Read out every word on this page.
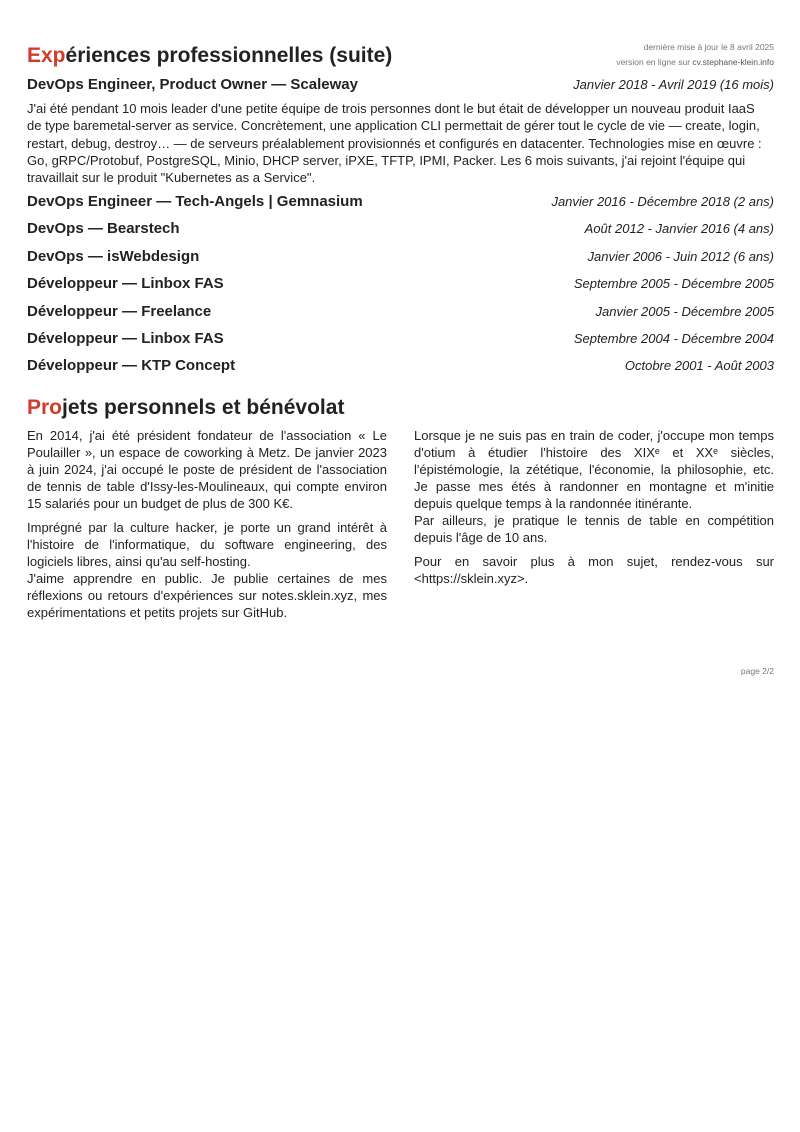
dernière mise à jour le 8 avril 2025
version en ligne sur cv.stephane-klein.info
Expériences professionnelles (suite)
DevOps Engineer, Product Owner — Scaleway	Janvier 2018 - Avril 2019 (16 mois)

J'ai été pendant 10 mois leader d'une petite équipe de trois personnes dont le but était de développer un nouveau produit IaaS de type baremetal-server as service. Concrètement, une application CLI permettait de gérer tout le cycle de vie — create, login, restart, debug, destroy… — de serveurs préalablement provisionnés et configurés en datacenter. Technologies mise en œuvre : Go, gRPC/Protobuf, PostgreSQL, Minio, DHCP server, iPXE, TFTP, IPMI, Packer. Les 6 mois suivants, j'ai rejoint l'équipe qui travaillait sur le produit "Kubernetes as a Service".

DevOps Engineer — Tech-Angels | Gemnasium	Janvier 2016 - Décembre 2018 (2 ans)
DevOps — Bearstech	Août 2012 - Janvier 2016 (4 ans)
DevOps — isWebdesign	Janvier 2006 - Juin 2012 (6 ans)
Développeur — Linbox FAS	Septembre 2005 - Décembre 2005
Développeur — Freelance	Janvier 2005 - Décembre 2005
Développeur — Linbox FAS	Septembre 2004 - Décembre 2004
Développeur — KTP Concept	Octobre 2001 - Août 2003
Projets personnels et bénévolat

En 2014, j'ai été président fondateur de l'association « Le Poulailler », un espace de coworking à Metz. De janvier 2023 à juin 2024, j'ai occupé le poste de président de l'association de tennis de table d'Issy-les-Moulineaux, qui compte environ 15 salariés pour un budget de plus de 300 K€.

Imprégné par la culture hacker, je porte un grand intérêt à l'histoire de l'informatique, du software engineering, des logiciels libres, ainsi qu'au self-hosting.

J'aime apprendre en public. Je publie certaines de mes réflexions ou retours d'expériences sur notes.sklein.xyz, mes expérimentations et petits projets sur GitHub.

Lorsque je ne suis pas en train de coder, j'occupe mon temps d'otium à étudier l'histoire des XIXᵉ et XXᵉ siècles, l'épistémologie, la zététique, l'économie, la philosophie, etc. Je passe mes étés à randonner en montagne et m'initie depuis quelque temps à la randonnée itinérante.

Par ailleurs, je pratique le tennis de table en compétition depuis l'âge de 10 ans.

Pour en savoir plus à mon sujet, rendez-vous sur <https://sklein.xyz>.

page 2/2
